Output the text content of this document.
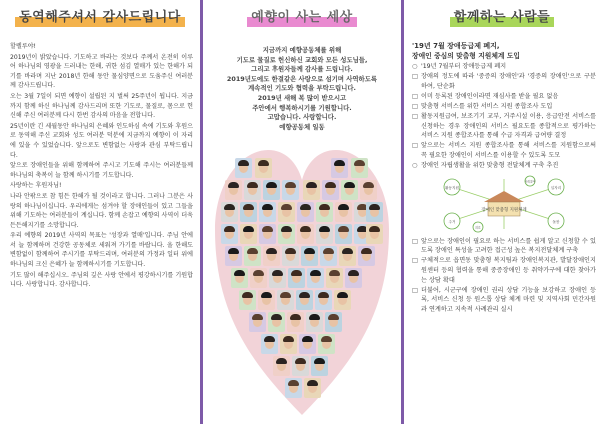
동역해주셔서 감사드립니다

할렐루야!

2019년이 밝았습니다. 기도하고 바라는 것보다 주께서 온전히 이루어 하나님의 영광을 드러내는 한해, 귀한 섬김 열매가 있는 한해가 되기를 바라며 지난 2018년 한해 동안 물심양면으로 도움주신 여러분께 감사드립니다.

오는 3월 7일이 되면 예향이 설립된 지 벌써 25주년이 됩니다. 지금까지 함께 하신 하나님께 감사드리며 또한 기도로, 물질로, 몸으로 헌신해 주신 여러분께 다시 한번 감사의 마음을 전합니다.

25년이란 긴 세월동안 하나님의 은혜와 인도하심 속에 기도와 후원으로 동역해 주신 교회와 성도 여러분 덕분에 지금까지 예향이 이 자리에 있을 수 있었습니다. 앞으로도 변함없는 사랑과 관심 부탁드립니다.

앞으로 장애인들을 위해 함께하여 주시고 기도해 주시는 여러분들께 하나님의 축복이 늘 함께 하시기를 기도합니다.

사랑하는 후원자님!

나라 안팎으로 참 힘든 한해가 될 것이라고 합니다. 그러나 그분은 사랑의 하나님이십니다. 우리에게는 섬겨야 할 장애인들이 있고 그들을 위해 기도하는 여러분들이 계십니다. 함께 손잡고 예향의 사역이 더욱 든든해지기를 소망합니다.

우리 예향의 2019년 사역의 목표는 '성장과 열매'입니다. 주님 안에서 늘 함께하며 건강한 공동체로 세워져 가기를 바랍니다. 올 한해도 변함없이 함께하여 주시기를 부탁드리며, 여러분의 가정과 일터 위에 하나님의 크신 은혜가 늘 함께하시기를 기도합니다.

기도 많이 해주십시오. 주님의 깊은 사랑 안에서 평강하시기를 기원합니다. 사랑합니다. 감사합니다.

예향이 사는 세상
지금까지 예향공동체를 위해
기도로 물질로 헌신하신 교회와 모든 성도님들,
그리고 후원자들께 감사를 드립니다.
2019년도에도 한결같은 사랑으로 섬기며 사역하도록
계속적인 기도와 협력을 부탁드립니다.
2019년 새해 복 많이 받으시고
주안에서 행복하시기를 기원합니다.
고맙습니다. 사랑합니다.
예향공동체 일동
함께하는 사람들
'19년 7월 장애등급제 폐지,
장애인 중심의 맞춤형 지원체계 도입
○ '19년 7월부터 장애등급제 폐지
□ 장애의 정도에 따라 '중증의 장애인'과 '경증의 장애인'으로 구분하여, 단순화
□ 이미 등록된 장애인이라면 재심사를 받을 필요 없음
□ 맞춤형 서비스를 위한 서비스 지원 종합조사 도입
□ 활동지원급여, 보조기기 교부, 거주시설 이용, 응급안전 서비스를 신청하는 경우 장애인의 서비스 필요도를 종합적으로 평가하는 서비스 지원 종합조사를 통해 수급 자격과 급여량 결정
□ 앞으로는 서비스 지원 종합조사를 통해 서비스를 지원함으로써 꼭 필요한 장애인이 서비스를 이용할 수 있도록 도모
○ 장애인 자립생활을 위한 맞춤형 전달체계 구축 추진
장애인 맞춤형 지원체계
활동지원
주거
일자리
돌봄
사회참여
의료
□ 앞으로는 장애인이 필요로 하는 서비스를 쉽게 알고 신청할 수 있도록 장애인 특성을 고려한 접근성 높은 복지전달체계 구축
□ 구체적으로 읍면동 맞춤형 복지팀과 장애인복지관, 발달장애인지원센터 등의 협력을 통해 중증장애인 등 취약가구에 대한 찾아가는 상담 확대
□ 더불어, 시군구에 장애인 권리 상담 기능을 보강하고 장애인 등록, 서비스 신청 등 원스톱 상담 체계 마련 및 지역사회 민간자원과 연계하고 지속적 사례관리 실시
